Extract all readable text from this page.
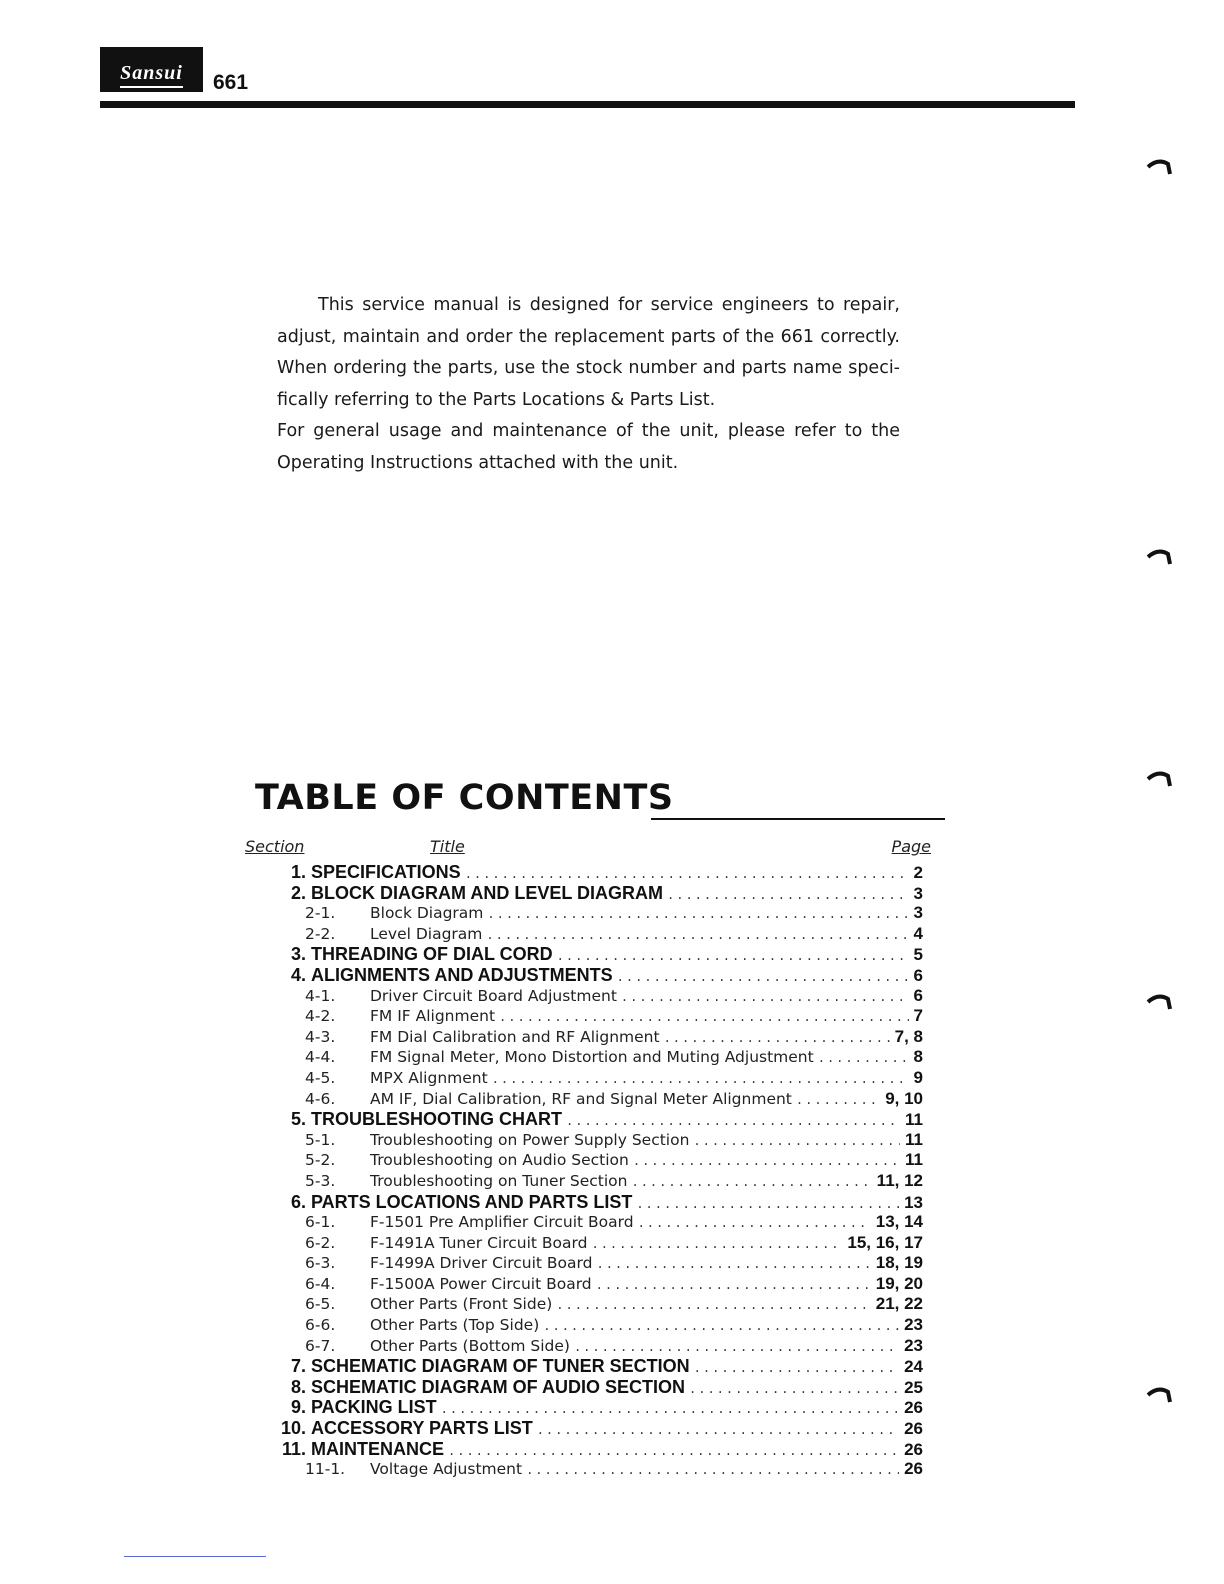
Sansui 661

This service manual is designed for service engineers to repair,

adjust, maintain and order the replacement parts of the 661 correctly.

When ordering the parts, use the stock number and parts name speci-

fically referring to the Parts Locations & Parts List.

For general usage and maintenance of the unit, please refer to the

Operating Instructions attached with the unit.

TABLE OF CONTENTS
Section	Title	Page
1. SPECIFICATIONS .....	2
2. BLOCK DIAGRAM AND LEVEL DIAGRAM .....	3
2-1.	Block Diagram .....	3
2-2.	Level Diagram .....	4
3. THREADING OF DIAL CORD .....	5
4. ALIGNMENTS AND ADJUSTMENTS .....	6
4-1.	Driver Circuit Board Adjustment .....	6
4-2.	FM IF Alignment .....	7
4-3.	FM Dial Calibration and RF Alignment .....	7, 8
4-4.	FM Signal Meter, Mono Distortion and Muting Adjustment .....	8
4-5.	MPX Alignment .....	9
4-6.	AM IF, Dial Calibration, RF and Signal Meter Alignment .....	9, 10
5. TROUBLESHOOTING CHART .....	11
5-1.	Troubleshooting on Power Supply Section .....	11
5-2.	Troubleshooting on Audio Section .....	11
5-3.	Troubleshooting on Tuner Section .....	11, 12
6. PARTS LOCATIONS AND PARTS LIST .....	13
6-1.	F-1501 Pre Amplifier Circuit Board .....	13, 14
6-2.	F-1491A Tuner Circuit Board .....	15, 16, 17
6-3.	F-1499A Driver Circuit Board .....	18, 19
6-4.	F-1500A Power Circuit Board .....	19, 20
6-5.	Other Parts (Front Side) .....	21, 22
6-6.	Other Parts (Top Side) .....	23
6-7.	Other Parts (Bottom Side) .....	23
7. SCHEMATIC DIAGRAM OF TUNER SECTION .....	24
8. SCHEMATIC DIAGRAM OF AUDIO SECTION .....	25
9. PACKING LIST .....	26
10. ACCESSORY PARTS LIST .....	26
11. MAINTENANCE .....	26
11-1.	Voltage Adjustment .....	26
